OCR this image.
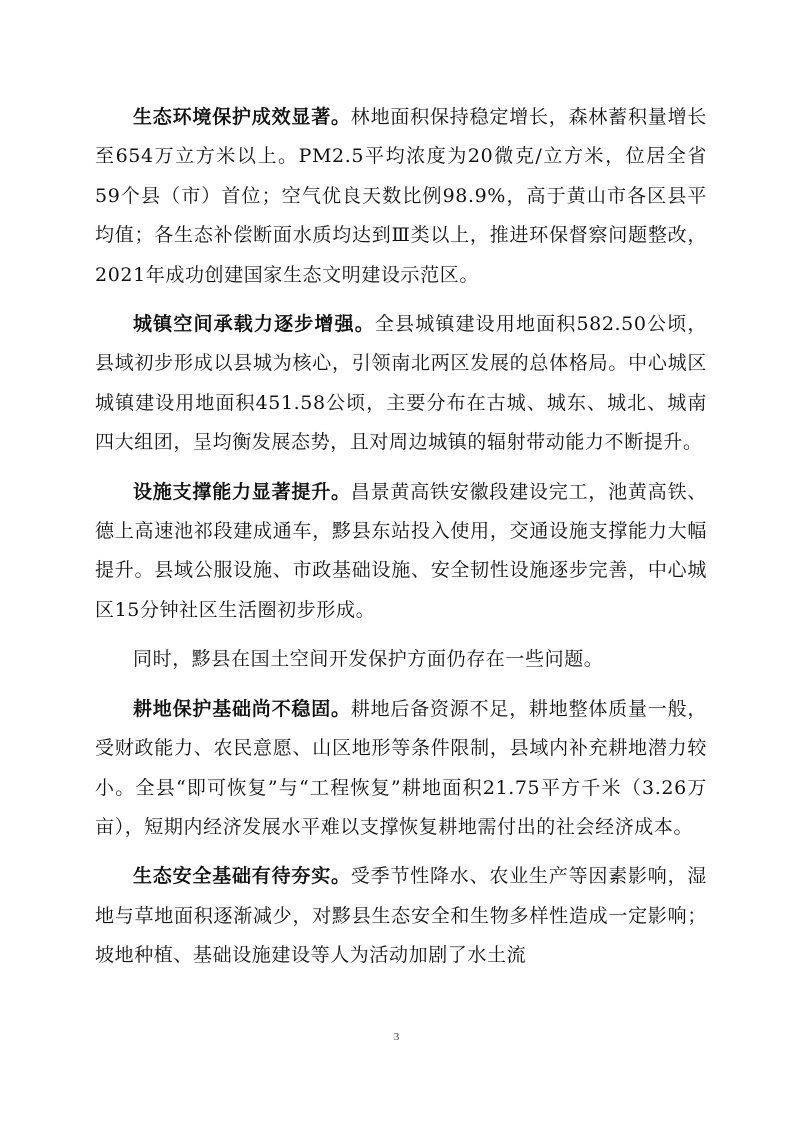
生态环境保护成效显著。林地面积保持稳定增长，森林蓄积量增长至654万立方米以上。PM2.5平均浓度为20微克/立方米，位居全省59个县（市）首位；空气优良天数比例98.9%，高于黄山市各区县平均值；各生态补偿断面水质均达到Ⅲ类以上，推进环保督察问题整改，2021年成功创建国家生态文明建设示范区。

城镇空间承载力逐步增强。全县城镇建设用地面积582.50公顷，县域初步形成以县城为核心，引领南北两区发展的总体格局。中心城区城镇建设用地面积451.58公顷，主要分布在古城、城东、城北、城南四大组团，呈均衡发展态势，且对周边城镇的辐射带动能力不断提升。

设施支撑能力显著提升。昌景黄高铁安徽段建设完工，池黄高铁、德上高速池祁段建成通车，黟县东站投入使用，交通设施支撑能力大幅提升。县域公服设施、市政基础设施、安全韧性设施逐步完善，中心城区15分钟社区生活圈初步形成。

同时，黟县在国土空间开发保护方面仍存在一些问题。

耕地保护基础尚不稳固。耕地后备资源不足，耕地整体质量一般，受财政能力、农民意愿、山区地形等条件限制，县域内补充耕地潜力较小。全县“即可恢复”与“工程恢复”耕地面积21.75平方千米（3.26万亩），短期内经济发展水平难以支撑恢复耕地需付出的社会经济成本。

生态安全基础有待夯实。受季节性降水、农业生产等因素影响，湿地与草地面积逐渐减少，对黟县生态安全和生物多样性造成一定影响；坡地种植、基础设施建设等人为活动加剧了水土流

3
